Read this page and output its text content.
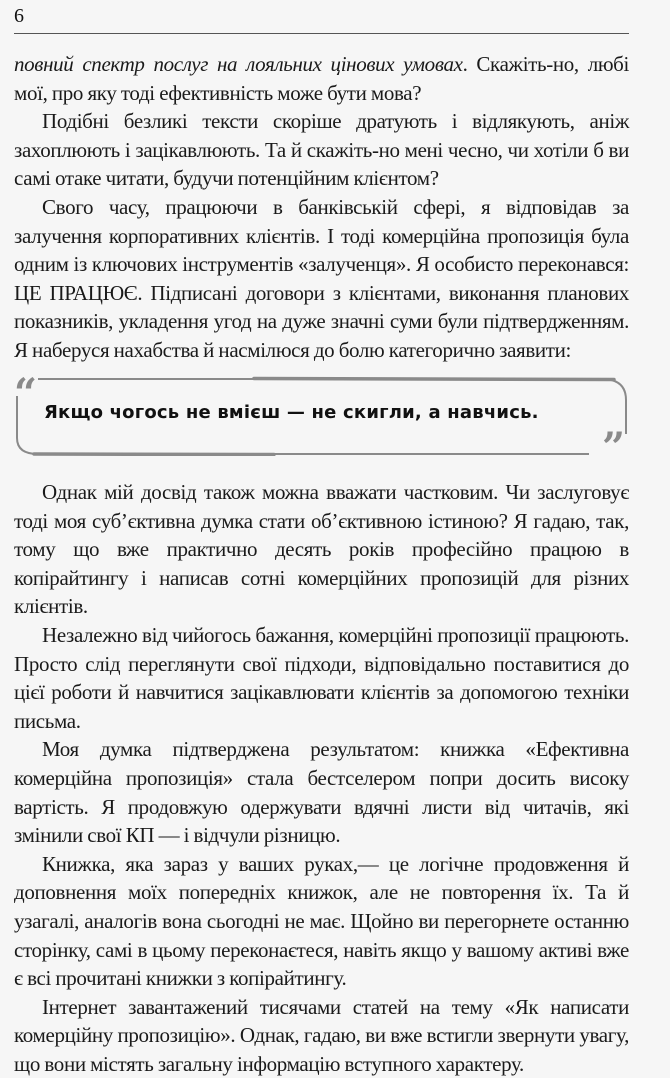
6

повний спектр послуг на лояльних цінових умовах. Скажіть-но, любі мої, про яку тоді ефективність може бути мова?

Подібні безликі тексти скоріше дратують і відлякують, аніж захоплюють і зацікавлюють. Та й скажіть-но мені чесно, чи хотіли б ви самі отаке читати, будучи потенційним клієнтом?

Свого часу, працюючи в банківській сфері, я відповідав за залучення корпоративних клієнтів. І тоді комерційна пропозиція була одним із ключових інструментів «залученця». Я особисто переконався: ЦЕ ПРАЦЮЄ. Підписані договори з клієнтами, виконання планових показників, укладення угод на дуже значні суми були підтвердженням. Я наберуся нахабства й насмілюся до болю категорично заявити:

“ Якщо чогось не вмієш — не скигли, а навчись.
”

Однак мій досвід також можна вважати частковим. Чи заслуговує тоді моя суб’єктивна думка стати об’єктивною істиною? Я гадаю, так, тому що вже практично десять років професійно працюю в копірайтингу і написав сотні комерційних пропозицій для різних клієнтів.

Незалежно від чийогось бажання, комерційні пропозиції працюють. Просто слід переглянути свої підходи, відповідально поставитися до цієї роботи й навчитися зацікавлювати клієнтів за допомогою техніки письма.

Моя думка підтверджена результатом: книжка «Ефективна комерційна пропозиція» стала бестселером попри досить високу вартість. Я продовжую одержувати вдячні листи від читачів, які змінили свої КП — і відчули різницю.

Книжка, яка зараз у ваших руках,— це логічне продовження й доповнення моїх попередніх книжок, але не повторення їх. Та й узагалі, аналогів вона сьогодні не має. Щойно ви перегорнете останню сторінку, самі в цьому переконаєтеся, навіть якщо у вашому активі вже є всі прочитані книжки з копірайтингу.

Інтернет завантажений тисячами статей на тему «Як написати комерційну пропозицію». Однак, гадаю, ви вже встигли звернути увагу, що вони містять загальну інформацію вступного характеру.
